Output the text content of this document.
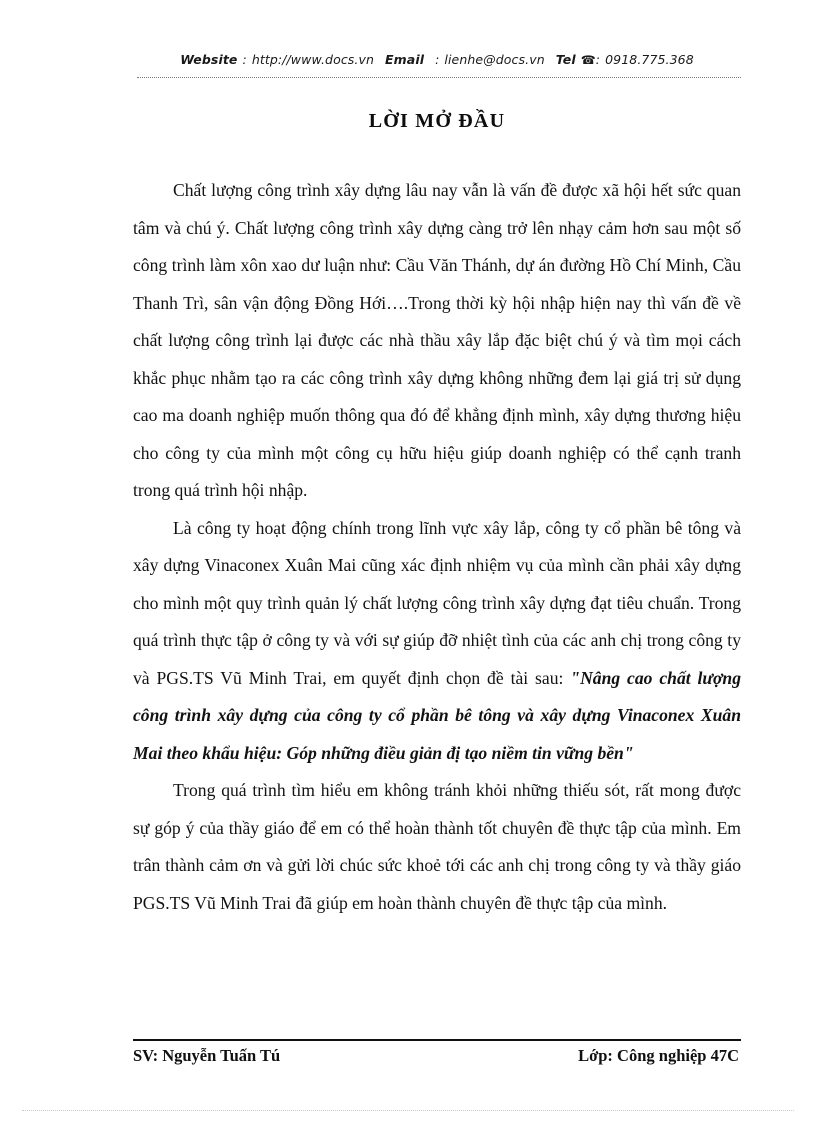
Website : http://www.docs.vn Email : lienhe@docs.vn Tel ☎: 0918.775.368
LỜI MỞ ĐẦU

Chất lượng công trình xây dựng lâu nay vẫn là vấn đề được xã hội hết sức quan tâm và chú ý. Chất lượng công trình xây dựng càng trở lên nhạy cảm hơn sau một số công trình làm xôn xao dư luận như: Cầu Văn Thánh, dự án đường Hồ Chí Minh, Cầu Thanh Trì, sân vận động Đồng Hới….Trong thời kỳ hội nhập hiện nay thì vấn đề về chất lượng công trình lại được các nhà thầu xây lắp đặc biệt chú ý và tìm mọi cách khắc phục nhằm tạo ra các công trình xây dựng không những đem lại giá trị sử dụng cao ma doanh nghiệp muốn thông qua đó để khẳng định mình, xây dựng thương hiệu cho công ty của mình một công cụ hữu hiệu giúp doanh nghiệp có thể cạnh tranh trong quá trình hội nhập.

Là công ty hoạt động chính trong lĩnh vực xây lắp, công ty cổ phần bê tông và xây dựng Vinaconex Xuân Mai cũng xác định nhiệm vụ của mình cần phải xây dựng cho mình một quy trình quản lý chất lượng công trình xây dựng đạt tiêu chuẩn. Trong quá trình thực tập ở công ty và với sự giúp đỡ nhiệt tình của các anh chị trong công ty và PGS.TS Vũ Minh Trai, em quyết định chọn đề tài sau: "Nâng cao chất lượng công trình xây dựng của công ty cổ phần bê tông và xây dựng Vinaconex Xuân Mai theo khẩu hiệu: Góp những điều giản đị tạo niềm tin vững bền"

Trong quá trình tìm hiểu em không tránh khỏi những thiếu sót, rất mong được sự góp ý của thầy giáo để em có thể hoàn thành tốt chuyên đề thực tập của mình. Em trân thành cảm ơn và gửi lời chúc sức khoẻ tới các anh chị trong công ty và thầy giáo PGS.TS Vũ Minh Trai đã giúp em hoàn thành chuyên đề thực tập của mình.

SV: Nguyễn Tuấn Tú	Lớp: Công nghiệp 47C
